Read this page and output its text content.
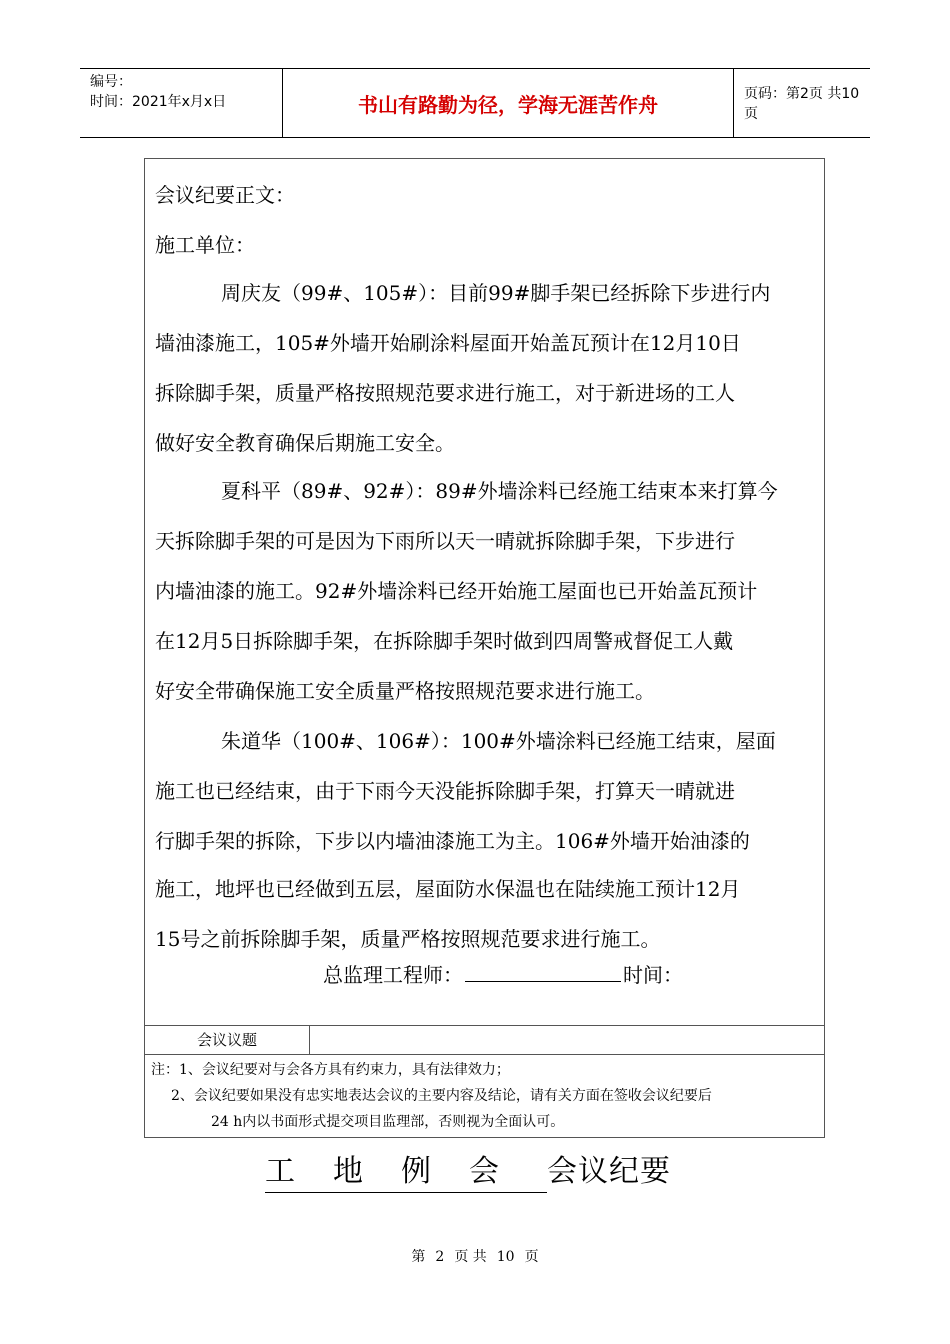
编号：
时间：2021年x月x日	书山有路勤为径，学海无涯苦作舟	页码：第2页 共10页
会议纪要正文：
施工单位：
周庆友（99#、105#）：目前99#脚手架已经拆除下步进行内
墙油漆施工，105#外墙开始刷涂料屋面开始盖瓦预计在12月10日
拆除脚手架，质量严格按照规范要求进行施工，对于新进场的工人
做好安全教育确保后期施工安全。
夏科平（89#、92#）：89#外墙涂料已经施工结束本来打算今
天拆除脚手架的可是因为下雨所以天一晴就拆除脚手架，下步进行
内墙油漆的施工。92#外墙涂料已经开始施工屋面也已开始盖瓦预计
在12月5日拆除脚手架，在拆除脚手架时做到四周警戒督促工人戴
好安全带确保施工安全质量严格按照规范要求进行施工。
朱道华（100#、106#）：100#外墙涂料已经施工结束，屋面
施工也已经结束，由于下雨今天没能拆除脚手架，打算天一晴就进
行脚手架的拆除，下步以内墙油漆施工为主。106#外墙开始油漆的
施工，地坪也已经做到五层，屋面防水保温也在陆续施工预计12月
15号之前拆除脚手架，质量严格按照规范要求进行施工。
总监理工程师：	时间：
会议议题
注：1、会议纪要对与会各方具有约束力，具有法律效力；
2、会议纪要如果没有忠实地表达会议的主要内容及结论，请有关方面在签收会议纪要后
24 h内以书面形式提交项目监理部，否则视为全面认可。
工 地 例 会 会议纪要
第 2 页 共 10 页
